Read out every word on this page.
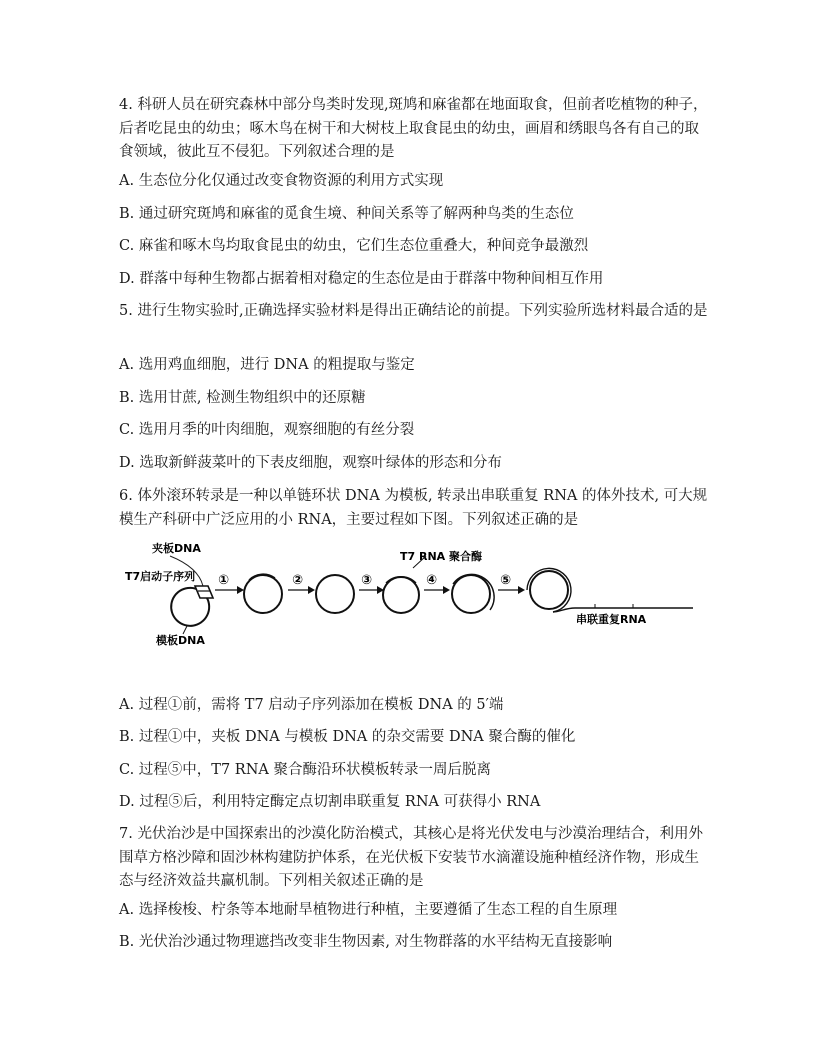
4. 科研人员在研究森林中部分鸟类时发现,斑鸠和麻雀都在地面取食，但前者吃植物的种子，后者吃昆虫的幼虫；啄木鸟在树干和大树枝上取食昆虫的幼虫，画眉和绣眼鸟各有自己的取食领域，彼此互不侵犯。下列叙述合理的是
A. 生态位分化仅通过改变食物资源的利用方式实现
B. 通过研究斑鸠和麻雀的觅食生境、种间关系等了解两种鸟类的生态位
C. 麻雀和啄木鸟均取食昆虫的幼虫，它们生态位重叠大，种间竞争最激烈
D. 群落中每种生物都占据着相对稳定的生态位是由于群落中物种间相互作用
5. 进行生物实验时,正确选择实验材料是得出正确结论的前提。下列实验所选材料最合适的是
A. 选用鸡血细胞，进行 DNA 的粗提取与鉴定
B. 选用甘蔗, 检测生物组织中的还原糖
C. 选用月季的叶肉细胞，观察细胞的有丝分裂
D. 选取新鲜菠菜叶的下表皮细胞，观察叶绿体的形态和分布
6. 体外滚环转录是一种以单链环状 DNA 为模板, 转录出串联重复 RNA 的体外技术, 可大规模生产科研中广泛应用的小 RNA，主要过程如下图。下列叙述正确的是
夹板DNA
T7启动子序列
模板DNA
T7 RNA 聚合酶
串联重复RNA
①	②	③	④	⑤
A. 过程①前，需将 T7 启动子序列添加在模板 DNA 的 5′端
B. 过程①中，夹板 DNA 与模板 DNA 的杂交需要 DNA 聚合酶的催化
C. 过程⑤中，T7 RNA 聚合酶沿环状模板转录一周后脱离
D. 过程⑤后，利用特定酶定点切割串联重复 RNA 可获得小 RNA
7. 光伏治沙是中国探索出的沙漠化防治模式，其核心是将光伏发电与沙漠治理结合，利用外围草方格沙障和固沙林构建防护体系，在光伏板下安装节水滴灌设施种植经济作物，形成生态与经济效益共赢机制。下列相关叙述正确的是
A. 选择梭梭、柠条等本地耐旱植物进行种植，主要遵循了生态工程的自生原理
B. 光伏治沙通过物理遮挡改变非生物因素, 对生物群落的水平结构无直接影响
